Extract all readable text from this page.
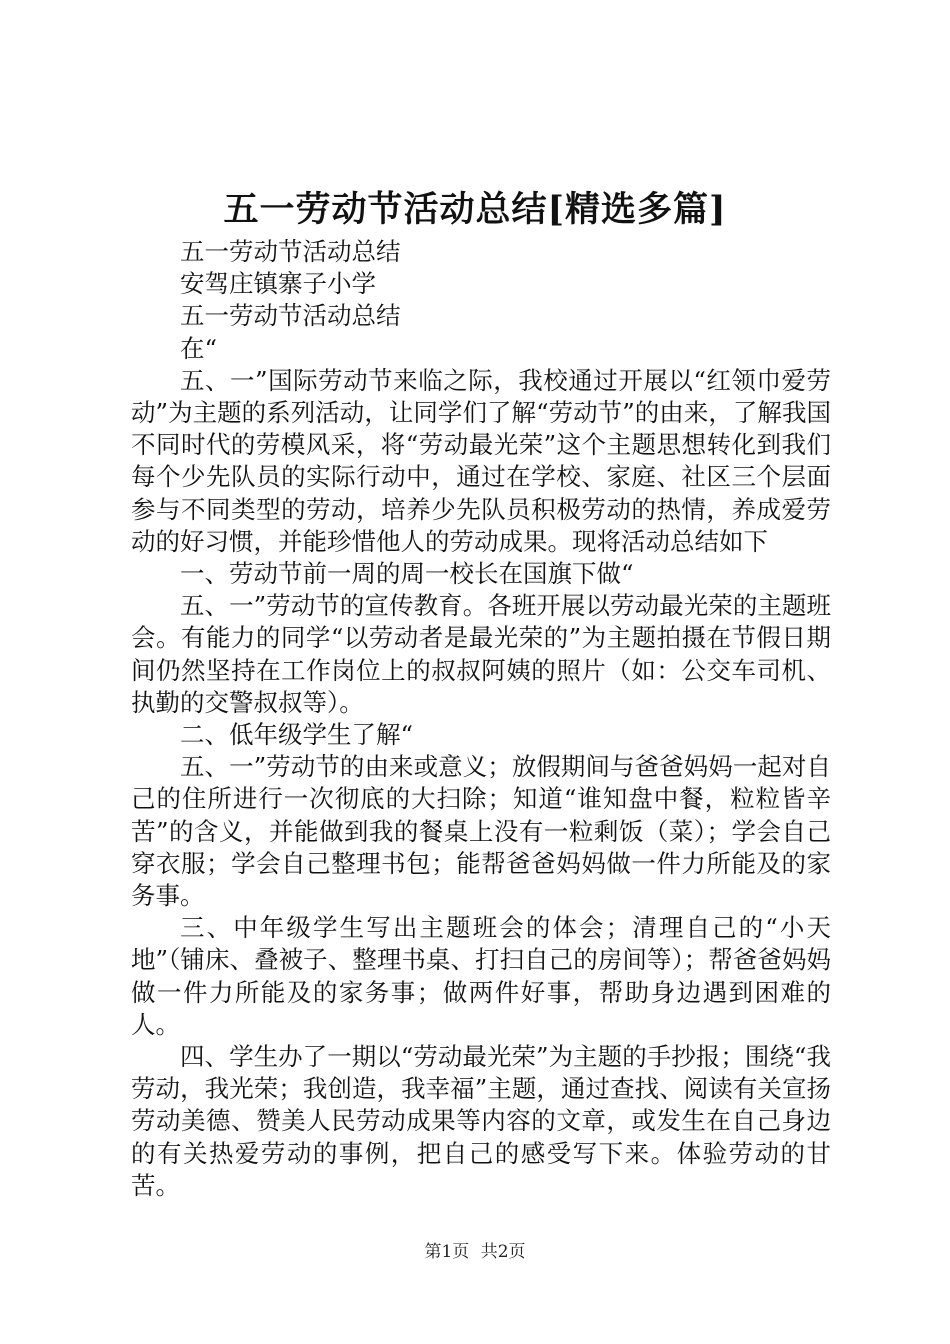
五一劳动节活动总结[精选多篇]

五一劳动节活动总结

安驾庄镇寨子小学

五一劳动节活动总结

在“

五、一”国际劳动节来临之际，我校通过开展以“红领巾爱劳动”为主题的系列活动，让同学们了解“劳动节”的由来，了解我国不同时代的劳模风采，将“劳动最光荣”这个主题思想转化到我们每个少先队员的实际行动中，通过在学校、家庭、社区三个层面参与不同类型的劳动，培养少先队员积极劳动的热情，养成爱劳动的好习惯，并能珍惜他人的劳动成果。现将活动总结如下

一、劳动节前一周的周一校长在国旗下做“

五、一”劳动节的宣传教育。各班开展以劳动最光荣的主题班会。有能力的同学“以劳动者是最光荣的”为主题拍摄在节假日期间仍然坚持在工作岗位上的叔叔阿姨的照片（如：公交车司机、执勤的交警叔叔等）。

二、低年级学生了解“

五、一”劳动节的由来或意义；放假期间与爸爸妈妈一起对自己的住所进行一次彻底的大扫除；知道“谁知盘中餐，粒粒皆辛苦”的含义，并能做到我的餐桌上没有一粒剩饭（菜）；学会自己穿衣服；学会自己整理书包；能帮爸爸妈妈做一件力所能及的家务事。

三、中年级学生写出主题班会的体会；清理自己的“小天地”（铺床、叠被子、整理书桌、打扫自己的房间等）；帮爸爸妈妈做一件力所能及的家务事；做两件好事，帮助身边遇到困难的人。

四、学生办了一期以“劳动最光荣”为主题的手抄报；围绕“我劳动，我光荣；我创造，我幸福”主题，通过查找、阅读有关宣扬劳动美德、赞美人民劳动成果等内容的文章，或发生在自己身边的有关热爱劳动的事例，把自己的感受写下来。体验劳动的甘苦。

第1页 共2页
